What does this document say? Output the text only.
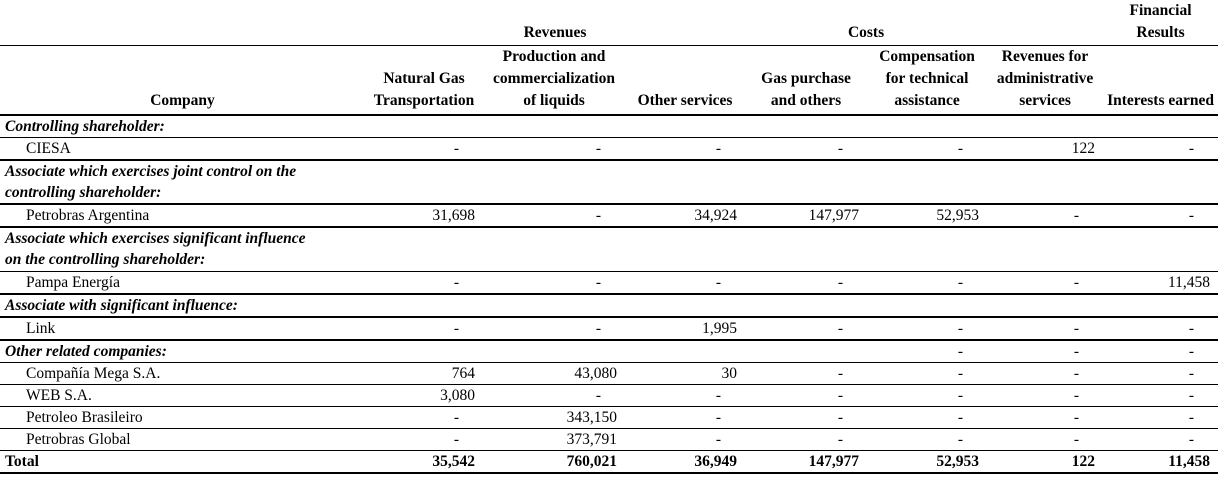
	Revenues			Costs			Financial Results
Company	Natural Gas Transportation	Production and commercialization of liquids	Other services	Gas purchase and others	Compensation for technical assistance	Revenues for administrative services	Interests earned
Controlling shareholder:							
CIESA	-	-	-	-	-	122	-
Associate which exercises joint control on the							
controlling shareholder:							
Petrobras Argentina	31,698	-	34,924	147,977	52,953	-	-
Associate which exercises significant influence							
on the controlling shareholder:							
Pampa Energía	-	-	-	-	-	-	11,458
Associate with significant influence:							
Link	-	-	1,995	-	-	-	-
Other related companies:					-	-	-
Compañía Mega S.A.	764	43,080	30	-	-	-	-
WEB S.A.	3,080	-	-	-	-	-	-
Petroleo Brasileiro	-	343,150	-	-	-	-	-
Petrobras Global	-	373,791	-	-	-	-	-
Total	35,542	760,021	36,949	147,977	52,953	122	11,458
